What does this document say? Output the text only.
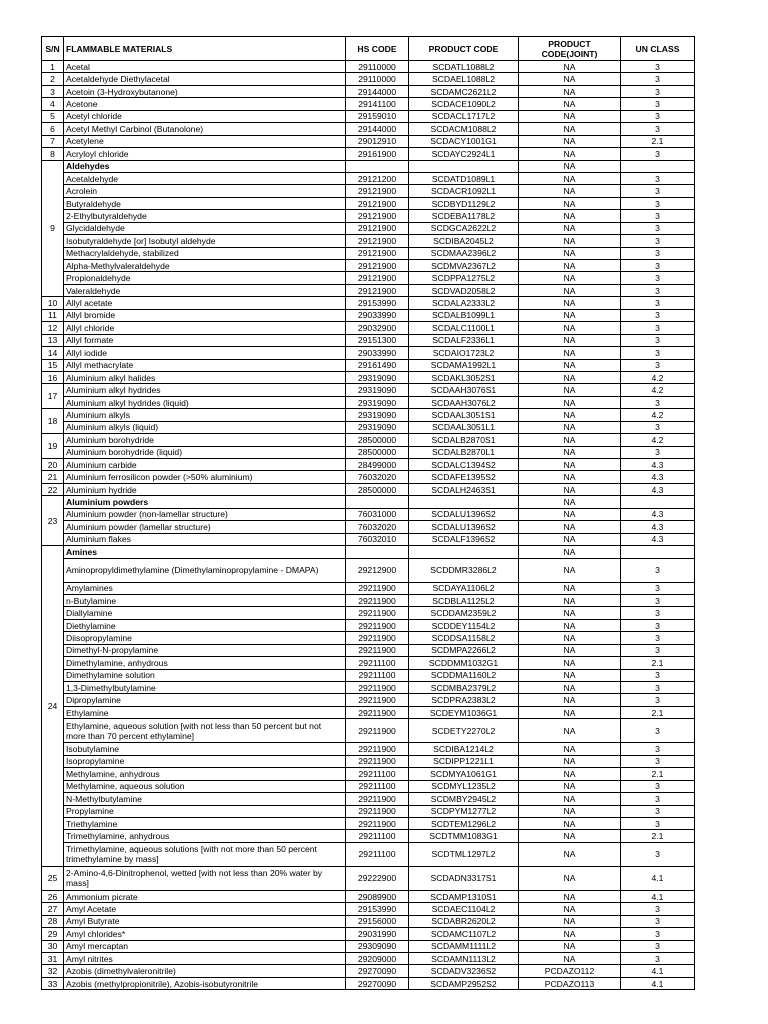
S/N	FLAMMABLE MATERIALS	HS CODE	PRODUCT CODE	PRODUCT CODE(JOINT)	UN CLASS
1	Acetal	29110000	SCDATL1088L2	NA	3
2	Acetaldehyde Diethylacetal	29110000	SCDAEL1088L2	NA	3
3	Acetoin (3-Hydroxybutanone)	29144000	SCDAMC2621L2	NA	3
4	Acetone	29141100	SCDACE1090L2	NA	3
5	Acetyl chloride	29159010	SCDACL1717L2	NA	3
6	Acetyl Methyl Carbinol (Butanolone)	29144000	SCDACM1088L2	NA	3
7	Acetylene	29012910	SCDACY1001G1	NA	2.1
8	Acryloyl chloride	29161900	SCDAYC2924L1	NA	3
9	Aldehydes			NA	
	Acetaldehyde	29121200	SCDATD1089L1	NA	3
	Acrolein	29121900	SCDACR1092L1	NA	3
	Butyraldehyde	29121900	SCDBYD1129L2	NA	3
	2-Ethylbutyraldehyde	29121900	SCDEBA1178L2	NA	3
	Glycidaldehyde	29121900	SCDGCA2622L2	NA	3
	Isobutyraldehyde [or] Isobutyl aldehyde	29121900	SCDIBA2045L2	NA	3
	Methacrylaldehyde, stabilized	29121900	SCDMAA2396L2	NA	3
	Alpha-Methylvaleraldehyde	29121900	SCDMVA2367L2	NA	3
	Propionaldehyde	29121900	SCDPPA1275L2	NA	3
	Valeraldehyde	29121900	SCDVAD2058L2	NA	3
10	Allyl acetate	29153990	SCDALA2333L2	NA	3
11	Allyl bromide	29033990	SCDALB1099L1	NA	3
12	Allyl chloride	29032900	SCDALC1100L1	NA	3
13	Allyl formate	29151300	SCDALF2336L1	NA	3
14	Allyl iodide	29033990	SCDAIO1723L2	NA	3
15	Allyl methacrylate	29161490	SCDAMA1992L1	NA	3
16	Aluminium alkyl halides	29319090	SCDAKL3052S1	NA	4.2
17	Aluminium alkyl hydrides	29319090	SCDAAH3076S1	NA	4.2
	Aluminium alkyl hydrides (liquid)	29319090	SCDAAH3076L2	NA	3
18	Aluminium alkyls	29319090	SCDAAL3051S1	NA	4.2
	Aluminium alkyls (liquid)	29319090	SCDAAL3051L1	NA	3
19	Aluminium borohydride	28500000	SCDALB2870S1	NA	4.2
	Aluminium borohydride (liquid)	28500000	SCDALB2870L1	NA	3
20	Aluminium carbide	28499000	SCDALC1394S2	NA	4.3
21	Aluminium ferrosilicon powder (>50% aluminium)	76032020	SCDAFE1395S2	NA	4.3
22	Aluminium hydride	28500000	SCDALH2463S1	NA	4.3
23	Aluminium powders			NA	
	Aluminium powder (non-lamellar structure)	76031000	SCDALU1396S2	NA	4.3
	Aluminium powder (lamellar structure)	76032020	SCDALU1396S2	NA	4.3
	Aluminium flakes	76032010	SCDALF1396S2	NA	4.3
24	Amines			NA	
	Aminopropyldimethylamine (Dimethylaminopropylamine - DMAPA)	29212900	SCDDMR3286L2	NA	3
	Amylamines	29211900	SCDAYA1106L2	NA	3
	n-Butylamine	29211900	SCDBLA1125L2	NA	3
	Diallylamine	29211900	SCDDAM2359L2	NA	3
	Diethylamine	29211900	SCDDEY1154L2	NA	3
	Diisopropylamine	29211900	SCDDSA1158L2	NA	3
	Dimethyl-N-propylamine	29211900	SCDMPA2266L2	NA	3
	Dimethylamine, anhydrous	29211100	SCDDMM1032G1	NA	2.1
	Dimethylamine solution	29211100	SCDDMA1160L2	NA	3
	1,3-Dimethylbutylamine	29211900	SCDMBA2379L2	NA	3
	Dipropylamine	29211900	SCDPRA2383L2	NA	3
	Ethylamine	29211900	SCDEYM1036G1	NA	2.1
	Ethylamine, aqueous solution [with not less than 50 percent but not more than 70 percent ethylamine]	29211900	SCDETY2270L2	NA	3
	Isobutylamine	29211900	SCDIBA1214L2	NA	3
	Isopropylamine	29211900	SCDIPP1221L1	NA	3
	Methylamine, anhydrous	29211100	SCDMYA1061G1	NA	2.1
	Methylamine, aqueous solution	29211100	SCDMYL1235L2	NA	3
	N-Methylbutylamine	29211900	SCDMBY2945L2	NA	3
	Propylamine	29211900	SCDPYM1277L2	NA	3
	Triethylamine	29211900	SCDTEM1296L2	NA	3
	Trimethylamine, anhydrous	29211100	SCDTMM1083G1	NA	2.1
	Trimethylamine, aqueous solutions [with not more than 50 percent trimethylamine by mass]	29211100	SCDTML1297L2	NA	3
25	2-Amino-4,6-Dinitrophenol, wetted [with not less than 20% water by mass]	29222900	SCDADN3317S1	NA	4.1
26	Ammonium picrate	29089900	SCDAMP1310S1	NA	4.1
27	Amyl Acetate	29153990	SCDAEC1104L2	NA	3
28	Amyl Butyrate	29156000	SCDABR2620L2	NA	3
29	Amyl chlorides*	29031990	SCDAMC1107L2	NA	3
30	Amyl mercaptan	29309090	SCDAMM1111L2	NA	3
31	Amyl nitrites	29209000	SCDAMN1113L2	NA	3
32	Azobis (dimethylvaleronitrile)	29270090	SCDADV3236S2	PCDAZO112	4.1
33	Azobis (methylpropionitrile), Azobis-isobutyronitrile	29270090	SCDAMP2952S2	PCDAZO113	4.1
